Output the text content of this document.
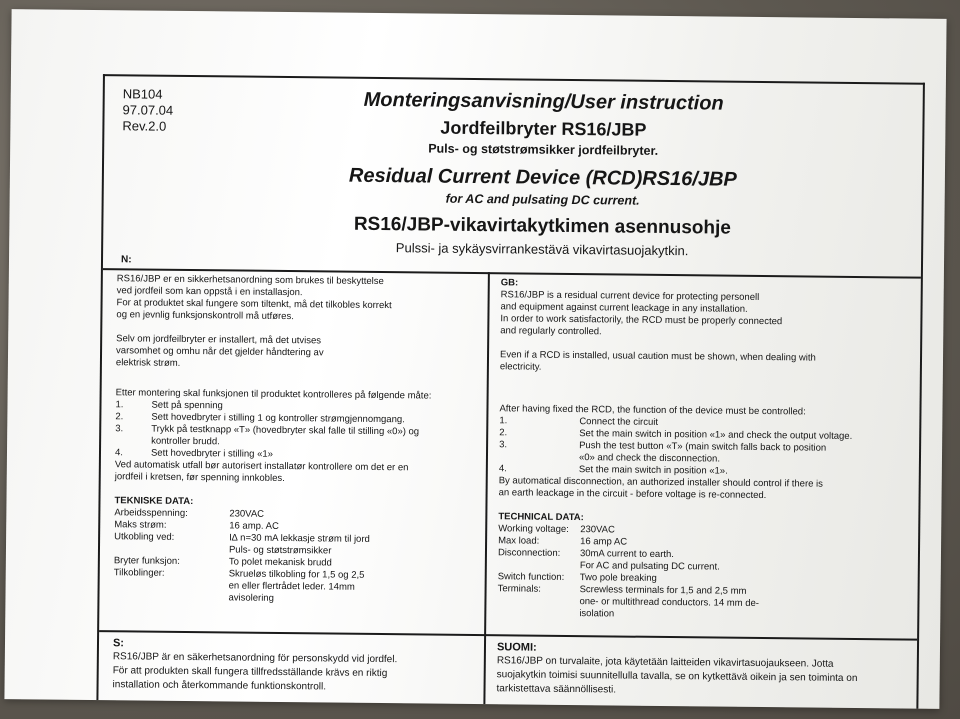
NB104
97.07.04
Rev.2.0
Monteringsanvisning/User instruction
Jordfeilbryter RS16/JBP
Puls- og støtstrømsikker jordfeilbryter.
Residual Current Device (RCD)RS16/JBP
for AC and pulsating DC current.
RS16/JBP-vikavirtakytkimen asennusohje
Pulssi- ja sykäysvirrankestävä vikavirtasuojakytkin.
N:

RS16/JBP er en sikkerhetsanordning som brukes til beskyttelse

ved jordfeil som kan oppstå i en installasjon.

For at produktet skal fungere som tiltenkt, må det tilkobles korrekt

og en jevnlig funksjonskontroll må utføres.

Selv om jordfeilbryter er installert, må det utvises

varsomhet og omhu når det gjelder håndtering av

elektrisk strøm.

Etter montering skal funksjonen til produktet kontrolleres på følgende måte:

1.	Sett på spenning
2.	Sett hovedbryter i stilling 1 og kontroller strømgjennomgang.
3.	Trykk på testknapp «T» (hovedbryter skal falle til stilling «0») og
kontroller brudd.
4.	Sett hovedbryter i stilling «1»

Ved automatisk utfall bør autorisert installatør kontrollere om det er en

jordfeil i kretsen, før spenning innkobles.

TEKNISKE DATA:

Arbeidsspenning:	230VAC
Maks strøm:	16 amp. AC
Utkobling ved:	I∆ n=30 mA lekkasje strøm til jord
Puls- og støtstrømsikker
Bryter funksjon:	To polet mekanisk brudd
Tilkoblinger:	Skrueløs tilkobling for 1,5 og 2,5
en eller flertrådet leder. 14mm
avisolering

GB:

RS16/JBP is a residual current device for protecting personell

and equipment against current leackage in any installation.

In order to work satisfactorily, the RCD must be properly connected

and regularly controlled.

Even if a RCD is installed, usual caution must be shown, when dealing with

electricity.

After having fixed the RCD, the function of the device must be controlled:

1.	Connect the circuit
2.	Set the main switch in position «1» and check the output voltage.
3.	Push the test button «T» (main switch falls back to position
«0» and check the disconnection.
4.	Set the main switch in position «1».

By automatical disconnection, an authorized installer should control if there is

an earth leackage in the circuit - before voltage is re-connected.

TECHNICAL DATA:

Working voltage:	230VAC
Max load:	16 amp AC
Disconnection:	30mA current to earth.
For AC and pulsating DC current.
Switch function:	Two pole breaking
Terminals:	Screwless terminals for 1,5 and 2,5 mm
one- or multithread conductors. 14 mm de-
isolation

S:

RS16/JBP är en säkerhetsanordning för personskydd vid jordfel.

För att produkten skall fungera tillfredsställande krävs en riktig

installation och återkommande funktionskontroll.

SUOMI:

RS16/JBP on turvalaite, jota käytetään laitteiden vikavirtasuojaukseen. Jotta

suojakytkin toimisi suunnitellulla tavalla, se on kytkettävä oikein ja sen toiminta on

tarkistettava säännöllisesti.
